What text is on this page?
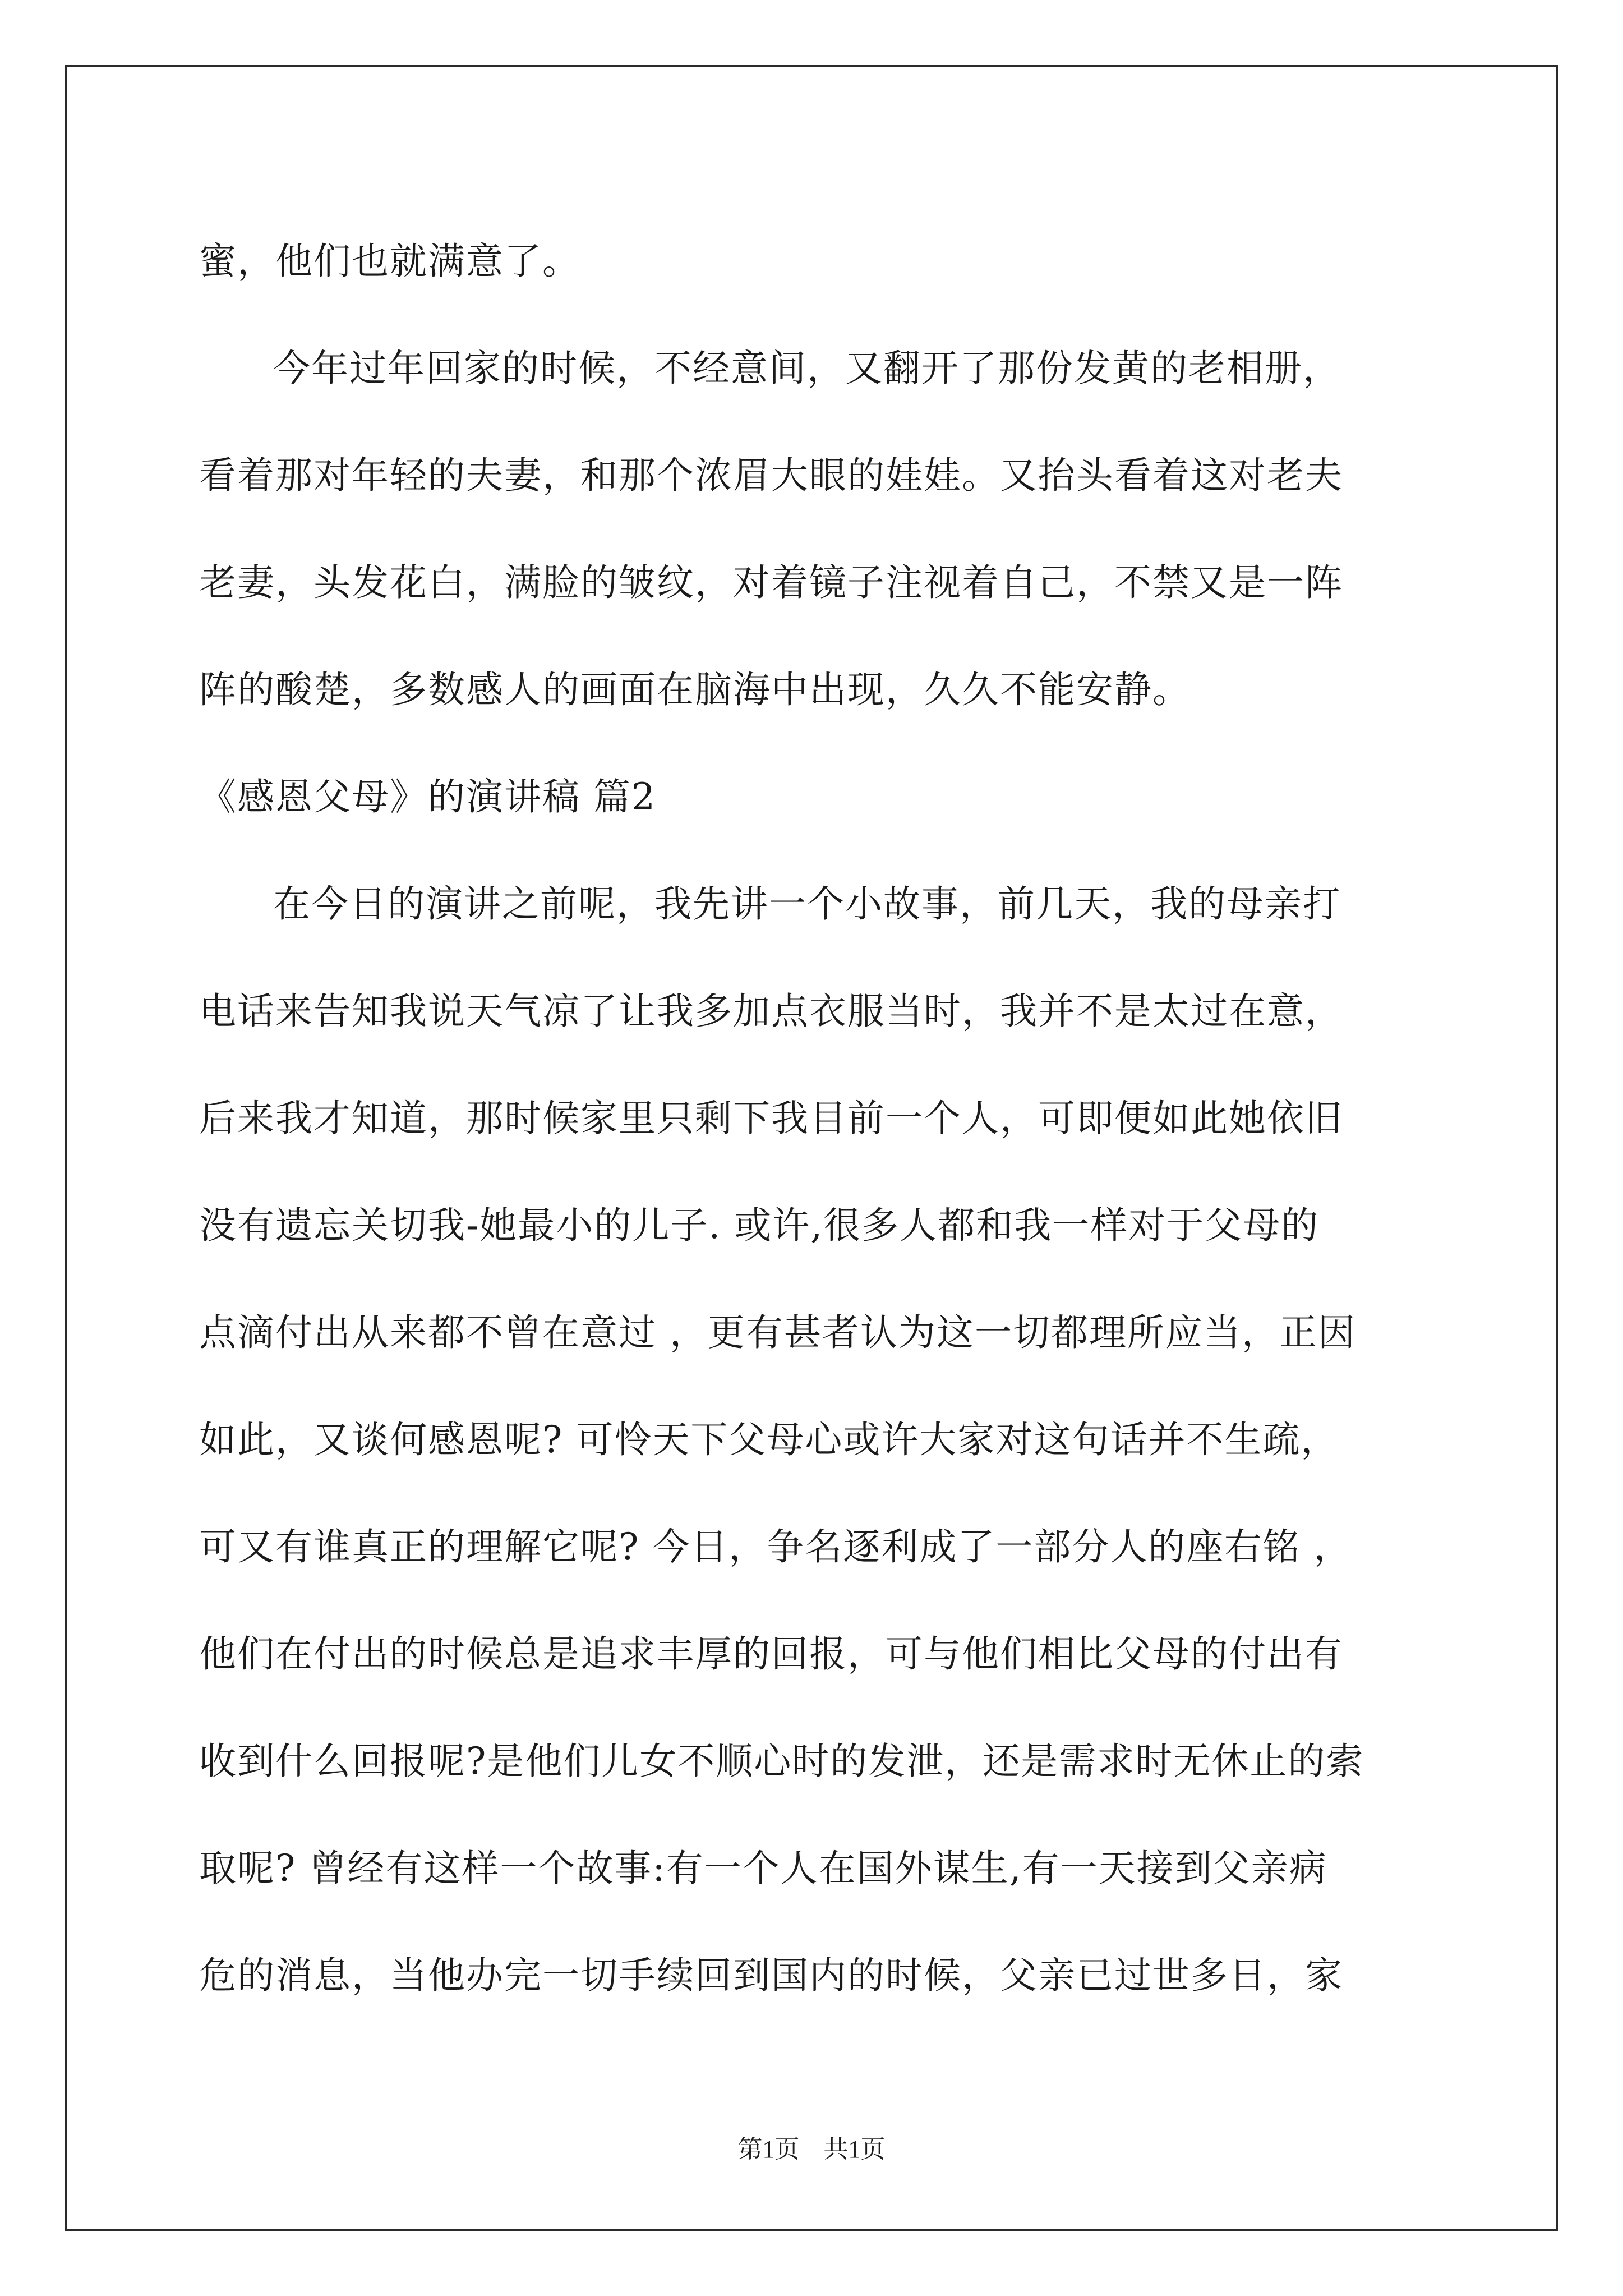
蜜，他们也就满意了。
今年过年回家的时候，不经意间，又翻开了那份发黄的老相册，
看着那对年轻的夫妻，和那个浓眉大眼的娃娃。又抬头看着这对老夫
老妻，头发花白，满脸的皱纹，对着镜子注视着自己，不禁又是一阵
阵的酸楚，多数感人的画面在脑海中出现，久久不能安静。
《感恩父母》的演讲稿 篇2
在今日的演讲之前呢，我先讲一个小故事，前几天，我的母亲打
电话来告知我说天气凉了让我多加点衣服当时，我并不是太过在意，
后来我才知道，那时候家里只剩下我目前一个人，可即便如此她依旧
没有遗忘关切我-她最小的儿子. 或许,很多人都和我一样对于父母的
点滴付出从来都不曾在意过 ，更有甚者认为这一切都理所应当，正因
如此，又谈何感恩呢? 可怜天下父母心或许大家对这句话并不生疏，
可又有谁真正的理解它呢? 今日，争名逐利成了一部分人的座右铭 ，
他们在付出的时候总是追求丰厚的回报，可与他们相比父母的付出有
收到什么回报呢?是他们儿女不顺心时的发泄，还是需求时无休止的索
取呢? 曾经有这样一个故事:有一个人在国外谋生,有一天接到父亲病
危的消息，当他办完一切手续回到国内的时候，父亲已过世多日，家
第1页 共1页
